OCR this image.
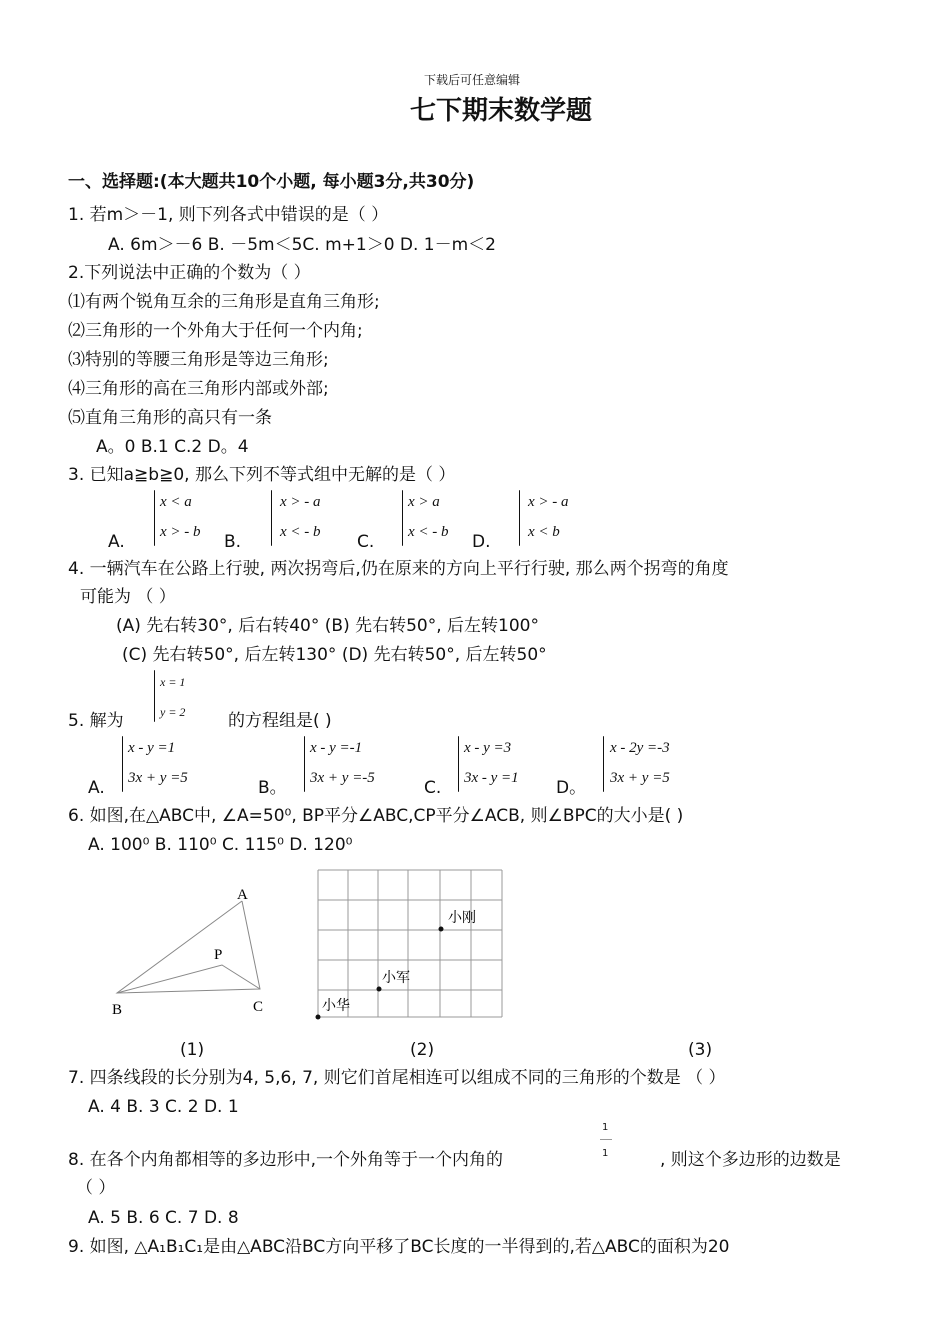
下载后可任意编辑
七下期末数学题
一、选择题:(本大题共10个小题, 每小题3分,共30分)
1. 若m＞－1, 则下列各式中错误的是（ ）
A. 6m＞－6 B. －5m＜5C. m+1＞0 D. 1－m＜2
2.下列说法中正确的个数为（ ）
⑴有两个锐角互余的三角形是直角三角形;
⑵三角形的一个外角大于任何一个内角;
⑶特别的等腰三角形是等边三角形;
⑷三角形的高在三角形内部或外部;
⑸直角三角形的高只有一条
A。0 B.1 C.2 D。4
3. 已知a≧b≧0, 那么下列不等式组中无解的是（ ）
A.
x < a
x > - b B.
x > - a
x < - b C.
x > a
x < - b D.
x > - a
x < b
4. 一辆汽车在公路上行驶, 两次拐弯后,仍在原来的方向上平行行驶, 那么两个拐弯的角度
可能为 （ ）
(A) 先右转30°, 后右转40° (B) 先右转50°, 后左转100°
(C) 先右转50°, 后左转130° (D) 先右转50°, 后左转50°
x = 1
y = 2
5. 解为	的方程组是( )
A.
x - y =1
3x + y =5	B。
x - y =-1
3x + y =-5	C.
x - y =3
3x - y =1 D。
x - 2y =-3
3x + y =5
6. 如图,在△ABC中, ∠A=50⁰, BP平分∠ABC,CP平分∠ACB, 则∠BPC的大小是( )
A. 100⁰ B. 110⁰ C. 115⁰ D. 120⁰
A
P
B	C
小刚
小军
小华
(1)	(2)	(3)
7. 四条线段的长分别为4, 5,6, 7, 则它们首尾相连可以组成不同的三角形的个数是 （ ）
A. 4 B. 3 C. 2 D. 1
1
1
8. 在各个内角都相等的多边形中,一个外角等于一个内角的	, 则这个多边形的边数是
（ ）
A. 5 B. 6 C. 7 D. 8
9. 如图, △A₁B₁C₁是由△ABC沿BC方向平移了BC长度的一半得到的,若△ABC的面积为20
